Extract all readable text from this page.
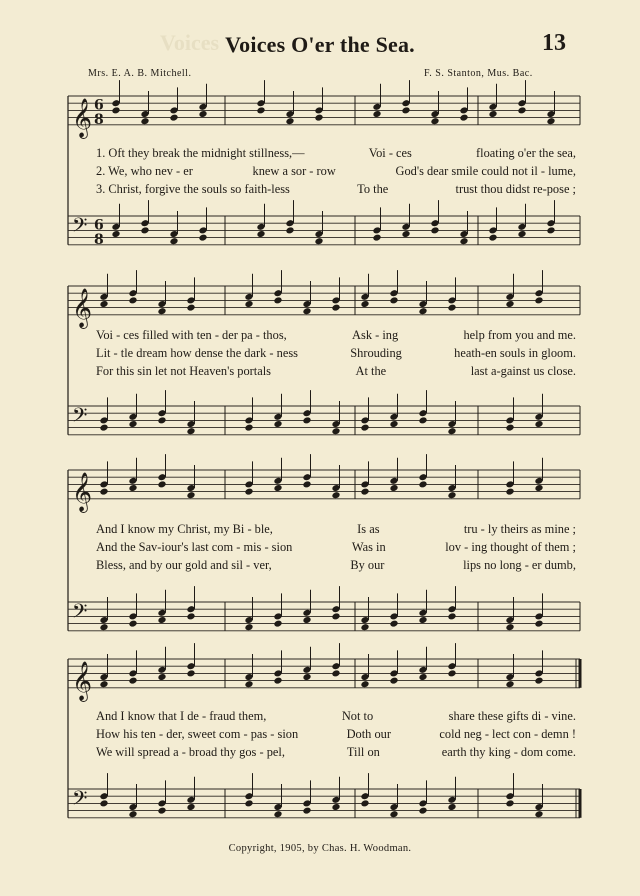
Voices Voices O'er the Sea.	13
Mrs. E. A. B. Mitchell.	F. S. Stanton, Mus. Bac.
𝄞 6
8
𝄢 6
8
1. Oft they break the midnight stillness,—	Voi - ces	floating o'er the sea,
2. We, who nev - er	knew a sor - row	God's dear smile could not il - lume,
3. Christ, forgive the souls so faith-less	To the	trust thou didst re-pose ;
𝄞
𝄢
Voi - ces filled with ten - der pa - thos,	Ask - ing	help from you and me.
Lit - tle dream how dense the dark - ness	Shrouding	heath-en souls in gloom.
For this sin let not Heaven's portals	At the	last a-gainst us close.
𝄞
𝄢
And I know my Christ, my Bi - ble,	Is as	tru - ly theirs as mine ;
And the Sav-iour's last com - mis - sion	Was in	lov - ing thought of them ;
Bless, and by our gold and sil - ver,	By our	lips no long - er dumb,
𝄞
𝄢
And I know that I de - fraud them,	Not to	share these gifts di - vine.
How his ten - der, sweet com - pas - sion	Doth our	cold neg - lect con - demn !
We will spread a - broad thy gos - pel,	Till on	earth thy king - dom come.
Copyright, 1905, by Chas. H. Woodman.
